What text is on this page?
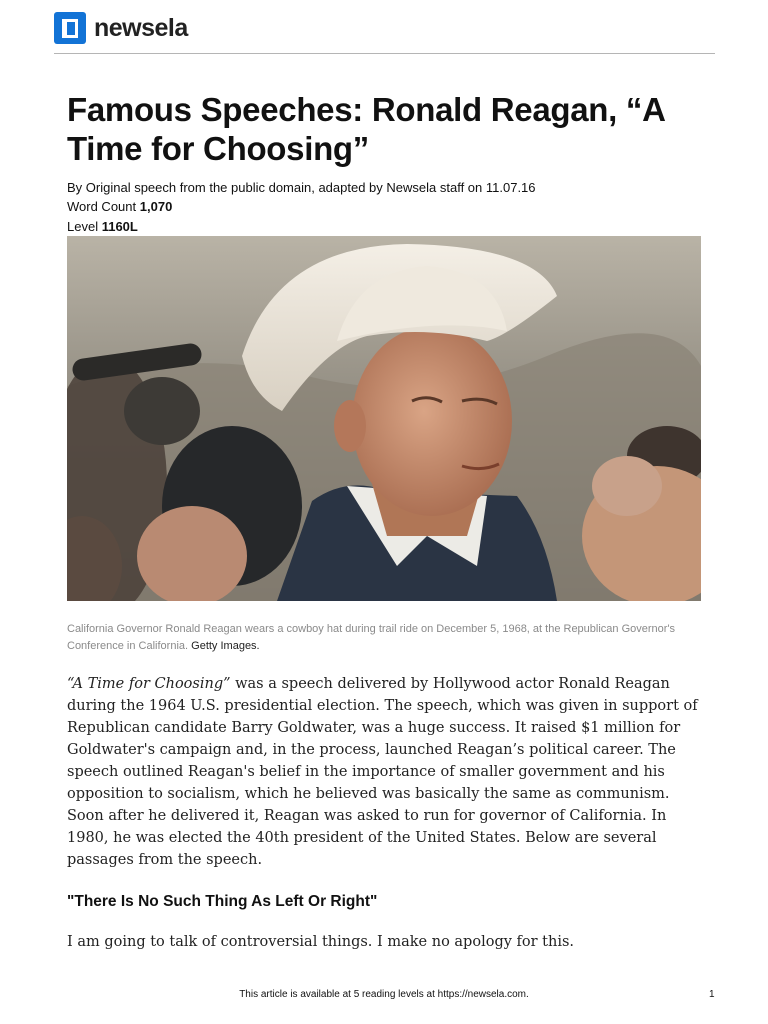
newsela
Famous Speeches: Ronald Reagan, “A Time for Choosing”
By Original speech from the public domain, adapted by Newsela staff on 11.07.16
Word Count 1,070
Level 1160L
California Governor Ronald Reagan wears a cowboy hat during trail ride on December 5, 1968, at the Republican Governor's Conference in California. Getty Images.

“A Time for Choosing” was a speech delivered by Hollywood actor Ronald Reagan during the 1964 U.S. presidential election. The speech, which was given in support of Republican candidate Barry Goldwater, was a huge success. It raised $1 million for Goldwater's campaign and, in the process, launched Reagan’s political career. The speech outlined Reagan's belief in the importance of smaller government and his opposition to socialism, which he believed was basically the same as communism. Soon after he delivered it, Reagan was asked to run for governor of California. In 1980, he was elected the 40th president of the United States. Below are several passages from the speech.

"There Is No Such Thing As Left Or Right"

I am going to talk of controversial things. I make no apology for this.

This article is available at 5 reading levels at https://newsela.com.	1
